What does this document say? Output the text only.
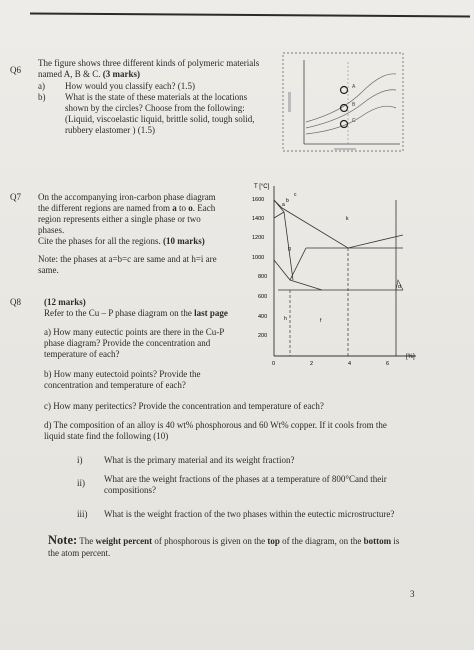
Q6
The figure shows three different kinds of polymeric materials
named A, B & C. (3 marks)
a) How would you classify each? (1.5)
b) What is the state of these materials at the locations
shown by the circles? Choose from the following:
(Liquid, viscoelastic liquid, brittle solid, tough solid,
rubbery elastomer ) (1.5)
A
B
C
Q7 On the accompanying iron-carbon phase diagram
the different regions are named from a to o. Each
region represents either a single phase or two
phases.
Cite the phases for all the regions. (10 marks)
Note: the phases at a=b=c are same and at h=i are
same.
T [°C]
[%]
1600
1400
1200
1000
800
600
400
200
0	2	4	6
a
b
c
g
k
h	f
d
Q8	(12 marks)
Refer to the Cu – P phase diagram on the last page
a) How many eutectic points are there in the Cu-P
phase diagram? Provide the concentration and
temperature of each?
b) How many eutectoid points? Provide the
concentration and temperature of each?
c) How many peritectics? Provide the concentration and temperature of each?
d) The composition of an alloy is 40 wt% phosphorous and 60 Wt% copper. If it cools from the
liquid state find the following (10)
i) What is the primary material and its weight fraction?
ii) What are the weight fractions of the phases at a temperature of 800°Cand their
compositions?
iii) What is the weight fraction of the two phases within the eutectic microstructure?
Note: The weight percent of phosphorous is given on the top of the diagram, on the bottom is
the atom percent.
3
